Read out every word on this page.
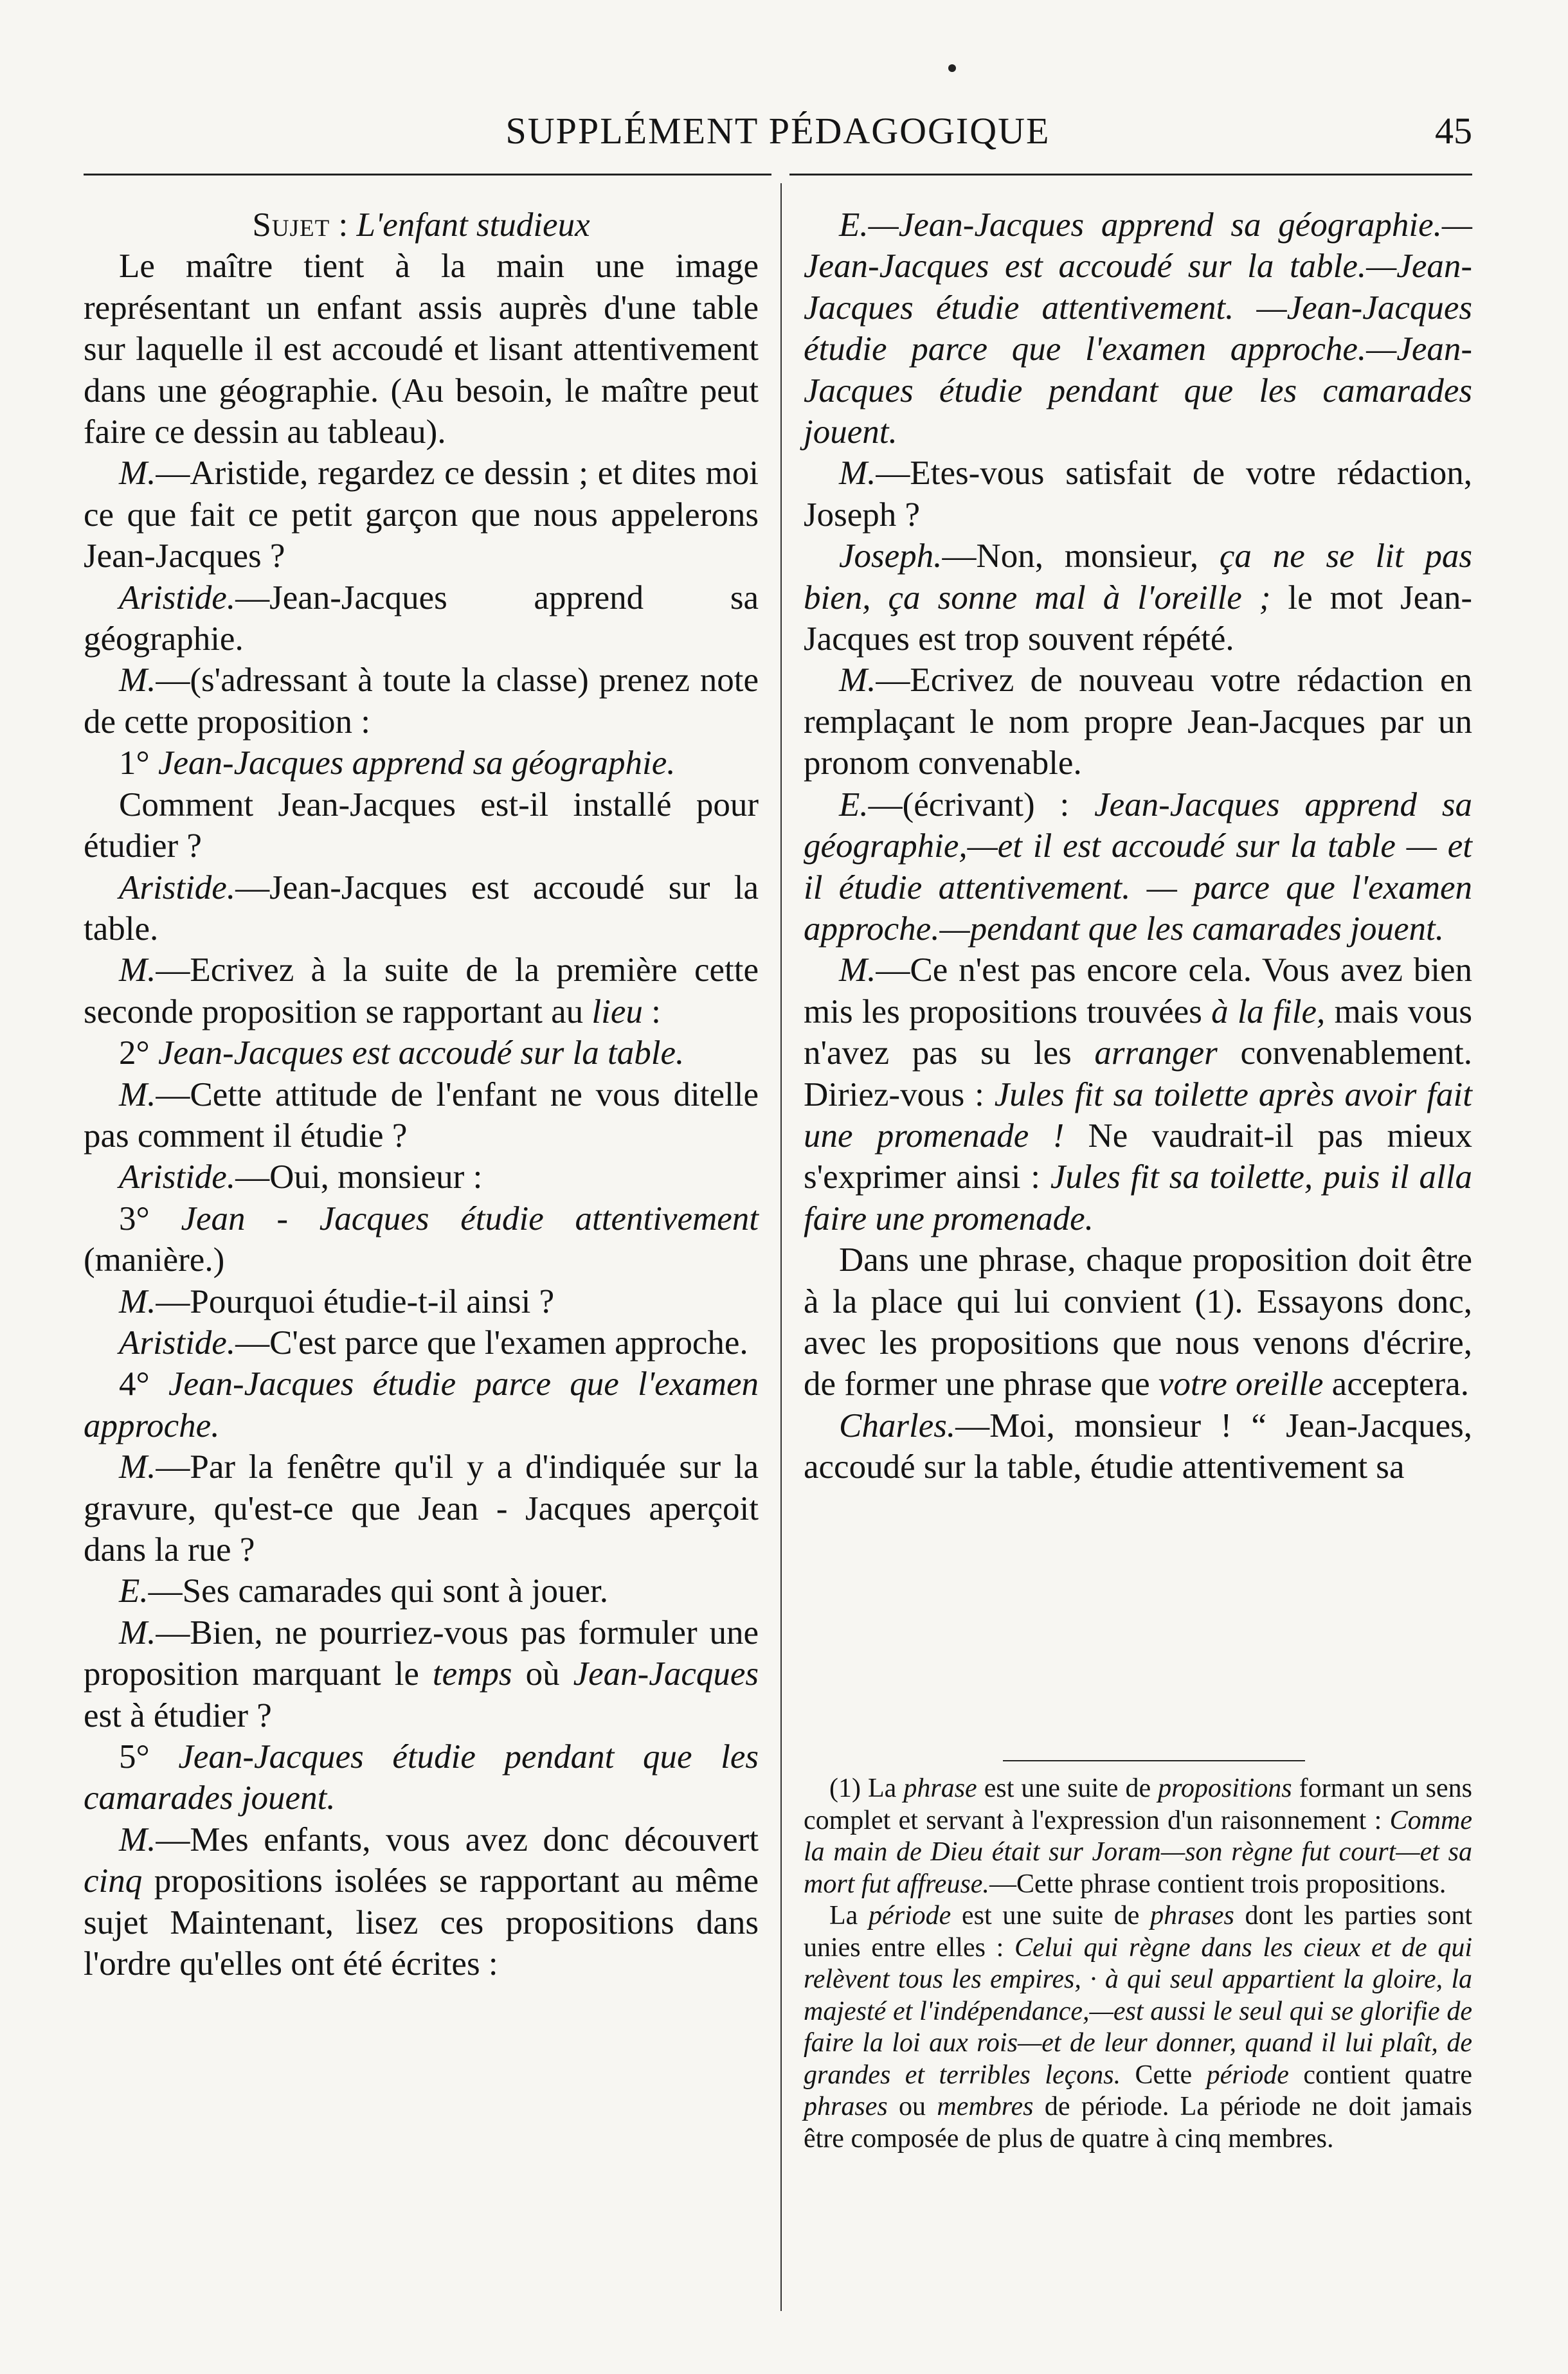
SUPPLÉMENT PÉDAGOGIQUE	45

Sujet : L'enfant studieux

Le maître tient à la main une image représentant un enfant assis auprès d'une table sur laquelle il est accoudé et lisant attentivement dans une géographie. (Au besoin, le maître peut faire ce dessin au tableau).

M.—Aristide, regardez ce dessin ; et dites moi ce que fait ce petit garçon que nous appelerons Jean-Jacques ?

Aristide.—Jean-Jacques apprend sa géographie.

M.—(s'adressant à toute la classe) prenez note de cette proposition :

1° Jean-Jacques apprend sa géographie.

Comment Jean-Jacques est-il installé pour étudier ?

Aristide.—Jean-Jacques est accoudé sur la table.

M.—Ecrivez à la suite de la première cette seconde proposition se rapportant au lieu :

2° Jean-Jacques est accoudé sur la table.

M.—Cette attitude de l'enfant ne vous ditelle pas comment il étudie ?

Aristide.—Oui, monsieur :

3° Jean - Jacques étudie attentivement (manière.)

M.—Pourquoi étudie-t-il ainsi ?

Aristide.—C'est parce que l'examen approche.

4° Jean-Jacques étudie parce que l'examen approche.

M.—Par la fenêtre qu'il y a d'indiquée sur la gravure, qu'est-ce que Jean - Jacques aperçoit dans la rue ?

E.—Ses camarades qui sont à jouer.

M.—Bien, ne pourriez-vous pas formuler une proposition marquant le temps où Jean-Jacques est à étudier ?

5° Jean-Jacques étudie pendant que les camarades jouent.

M.—Mes enfants, vous avez donc découvert cinq propositions isolées se rapportant au même sujet Maintenant, lisez ces propositions dans l'ordre qu'elles ont été écrites :

E.—Jean-Jacques apprend sa géographie.—Jean-Jacques est accoudé sur la table.—Jean-Jacques étudie attentivement. —Jean-Jacques étudie parce que l'examen approche.—Jean-Jacques étudie pendant que les camarades jouent.

M.—Etes-vous satisfait de votre rédaction, Joseph ?

Joseph.—Non, monsieur, ça ne se lit pas bien, ça sonne mal à l'oreille ; le mot Jean-Jacques est trop souvent répété.

M.—Ecrivez de nouveau votre rédaction en remplaçant le nom propre Jean-Jacques par un pronom convenable.

E.—(écrivant) : Jean-Jacques apprend sa géographie,—et il est accoudé sur la table — et il étudie attentivement. — parce que l'examen approche.—pendant que les camarades jouent.

M.—Ce n'est pas encore cela. Vous avez bien mis les propositions trouvées à la file, mais vous n'avez pas su les arranger convenablement. Diriez-vous : Jules fit sa toilette après avoir fait une promenade ! Ne vaudrait-il pas mieux s'exprimer ainsi : Jules fit sa toilette, puis il alla faire une promenade.

Dans une phrase, chaque proposition doit être à la place qui lui convient (1). Essayons donc, avec les propositions que nous venons d'écrire, de former une phrase que votre oreille acceptera.

Charles.—Moi, monsieur ! “ Jean-Jacques, accoudé sur la table, étudie attentivement sa

(1) La phrase est une suite de propositions formant un sens complet et servant à l'expression d'un raisonnement : Comme la main de Dieu était sur Joram—son règne fut court—et sa mort fut affreuse.—Cette phrase contient trois propositions.

La période est une suite de phrases dont les parties sont unies entre elles : Celui qui règne dans les cieux et de qui relèvent tous les empires, · à qui seul appartient la gloire, la majesté et l'indépendance,—est aussi le seul qui se glorifie de faire la loi aux rois—et de leur donner, quand il lui plaît, de grandes et terribles leçons. Cette période contient quatre phrases ou membres de période. La période ne doit jamais être composée de plus de quatre à cinq membres.
